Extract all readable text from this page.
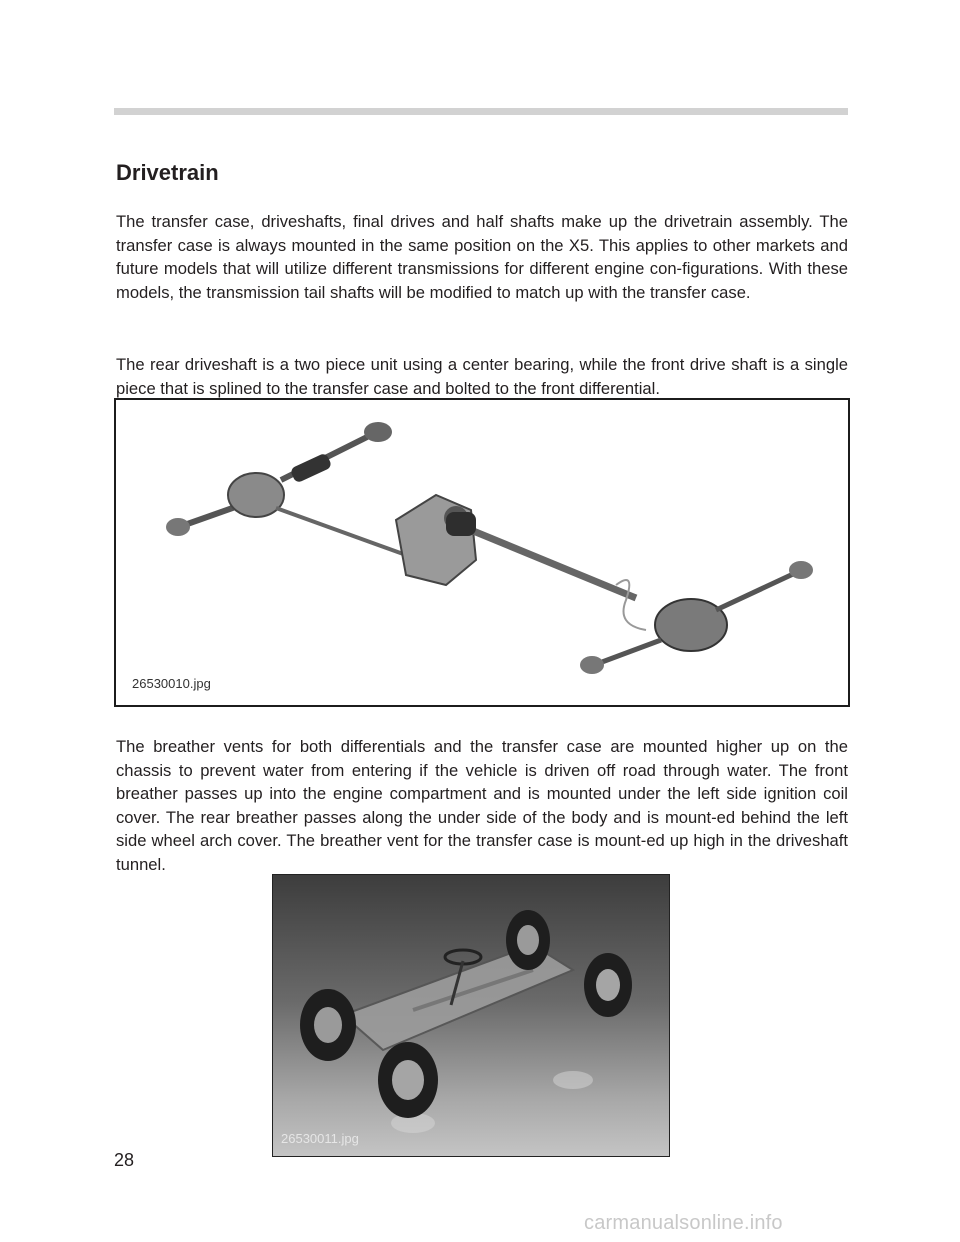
Drivetrain

The transfer case, driveshafts, final drives and half shafts make up the drivetrain assembly. The transfer case is always mounted in the same position on the X5. This applies to other markets and future models that will utilize different transmissions for different engine con-figurations. With these models, the transmission tail shafts will be modified to match up with the transfer case.

The rear driveshaft is a two piece unit using a center bearing, while the front drive shaft is a single piece that is splined to the transfer case and bolted to the front differential.

26530010.jpg

The breather vents for both differentials and the transfer case are mounted higher up on the chassis to prevent water from entering if the vehicle is driven off road through water. The front breather passes up into the engine compartment and is mounted under the left side ignition coil cover. The rear breather passes along the under side of the body and is mount-ed behind the left side wheel arch cover. The breather vent for the transfer case is mount-ed up high in the driveshaft tunnel.

26530011.jpg
28
carmanualsonline.info
